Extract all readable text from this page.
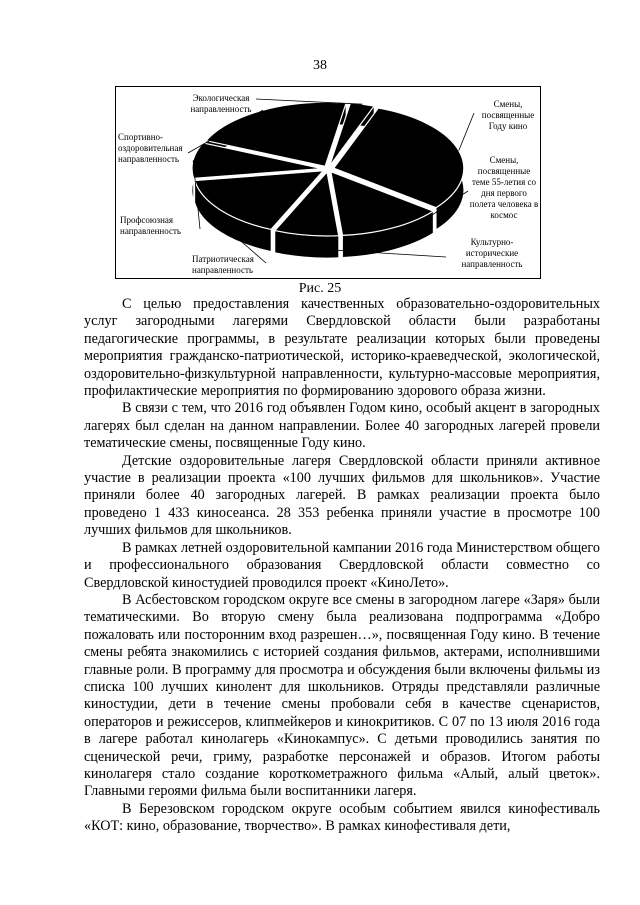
38
Экологическая направленность
Спортивно-оздоровительная направленность
Профсоюзная направленность
Патриотическая направленность
Культурно-исторические направленность
Смены, посвященные теме 55-летия со дня первого полета человека в космос
Смены, посвященные Году кино
Рис. 25

С целью предоставления качественных образовательно-оздоровительных услуг загородными лагерями Свердловской области были разработаны педагогические программы, в результате реализации которых были проведены мероприятия гражданско-патриотической, историко-краеведческой, экологической, оздоровительно-физкультурной направленности, культурно-массовые мероприятия, профилактические мероприятия по формированию здорового образа жизни.

В связи с тем, что 2016 год объявлен Годом кино, особый акцент в загородных лагерях был сделан на данном направлении. Более 40 загородных лагерей провели тематические смены, посвященные Году кино.

Детские оздоровительные лагеря Свердловской области приняли активное участие в реализации проекта «100 лучших фильмов для школьников». Участие приняли более 40 загородных лагерей. В рамках реализации проекта было проведено 1 433 киносеанса. 28 353 ребенка приняли участие в просмотре 100 лучших фильмов для школьников.

В рамках летней оздоровительной кампании 2016 года Министерством общего и профессионального образования Свердловской области совместно со Свердловской киностудией проводился проект «КиноЛето».

В Асбестовском городском округе все смены в загородном лагере «Заря» были тематическими. Во вторую смену была реализована подпрограмма «Добро пожаловать или посторонним вход разрешен…», посвященная Году кино. В течение смены ребята знакомились с историей создания фильмов, актерами, исполнившими главные роли. В программу для просмотра и обсуждения были включены фильмы из списка 100 лучших кинолент для школьников. Отряды представляли различные киностудии, дети в течение смены пробовали себя в качестве сценаристов, операторов и режиссеров, клипмейкеров и кинокритиков. С 07 по 13 июля 2016 года в лагере работал кинолагерь «Кинокампус». С детьми проводились занятия по сценической речи, гриму, разработке персонажей и образов. Итогом работы кинолагеря стало создание короткометражного фильма «Алый, алый цветок». Главными героями фильма были воспитанники лагеря.

В Березовском городском округе особым событием явился кинофестиваль «КОТ: кино, образование, творчество». В рамках кинофестиваля дети,
